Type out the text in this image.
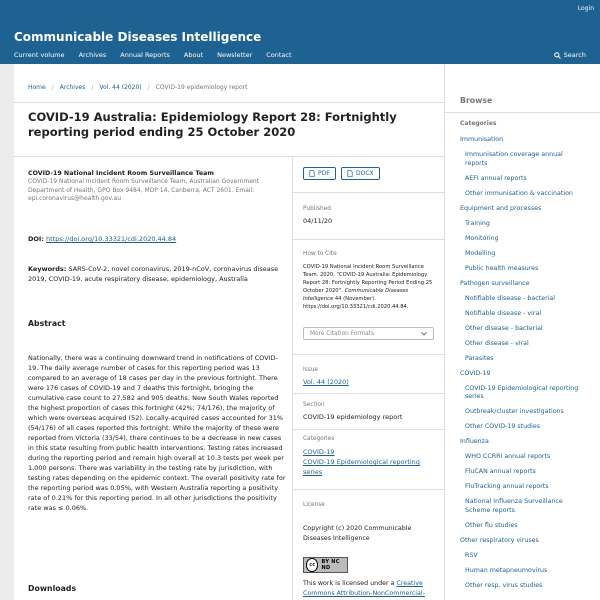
Login
Communicable Diseases Intelligence
Current volume Archives Annual Reports About Newsletter Contact	Search
Home / Archives / Vol. 44 (2020) / COVID-19 epidemiology report
COVID-19 Australia: Epidemiology Report 28: Fortnightly reporting period ending 25 October 2020
COVID-19 National Incident Room Surveillance Team
COVID-19 National Incident Room Surveillance Team, Australian Government Department of Health, GPO Box 9484, MDP 14, Canberra, ACT 2601. Email: epi.coronavirus@health.gov.au
DOI: https://doi.org/10.33321/cdi.2020.44.84
Keywords: SARS-CoV-2, novel coronavirus, 2019-nCoV, coronavirus disease 2019, COVID-19, acute respiratory disease, epidemiology, Australia
Abstract

Nationally, there was a continuing downward trend in notifications of COVID-19. The daily average number of cases for this reporting period was 13 compared to an average of 18 cases per day in the previous fortnight. There were 176 cases of COVID-19 and 7 deaths this fortnight, bringing the cumulative case count to 27,582 and 905 deaths. New South Wales reported the highest proportion of cases this fortnight (42%; 74/176), the majority of which were overseas acquired (52). Locally-acquired cases accounted for 31% (54/176) of all cases reported this fortnight. While the majority of these were reported from Victoria (33/54), there continues to be a decrease in new cases in this state resulting from public health interventions. Testing rates increased during the reporting period and remain high overall at 10.3 tests per week per 1,000 persons. There was variability in the testing rate by jurisdiction, with testing rates depending on the epidemic context. The overall positivity rate for the reporting period was 0.05%, with Western Australia reporting a positivity rate of 0.21% for this reporting period. In all other jurisdictions the positivity rate was ≤ 0.06%.

Downloads
PDF	DOCX
Published
04/11/20
How to Cite
COVID-19 National Incident Room Surveillance Team. 2020. “COVID-19 Australia: Epidemiology Report 28: Fortnightly Reporting Period Ending 25 October 2020”. Communicable Diseases Intelligence 44 (November). https://doi.org/10.33321/cdi.2020.44.84.
More Citation Formats
Issue
Vol. 44 (2020)
Section
COVID-19 epidemiology report
Categories
COVID-19
COVID-19 Epidemiological reporting series
License
Copyright (c) 2020 Communicable Diseases Intelligence
cc	BY NC ND
This work is licensed under a Creative Commons Attribution-NonCommercial-
Browse
Categories
Immunisation
Immunisation coverage annual reports
AEFI annual reports
Other immunisation & vaccination
Equipment and processes
Training
Monitoring
Modelling
Public health measures
Pathogen surveillance
Notifiable disease - bacterial
Notifiable disease - viral
Other disease - bacterial
Other disease - viral
Parasites
COVID-19
COVID-19 Epidemiological reporting series
Outbreak/cluster investigations
Other COVID-19 studies
Influenza
WHO CCRRI annual reports
FluCAN annual reports
FluTracking annual reports
National Influenza Surveillance Scheme reports
Other flu studies
Other respiratory viruses
RSV
Human metapneumovirus
Other resp. virus studies
